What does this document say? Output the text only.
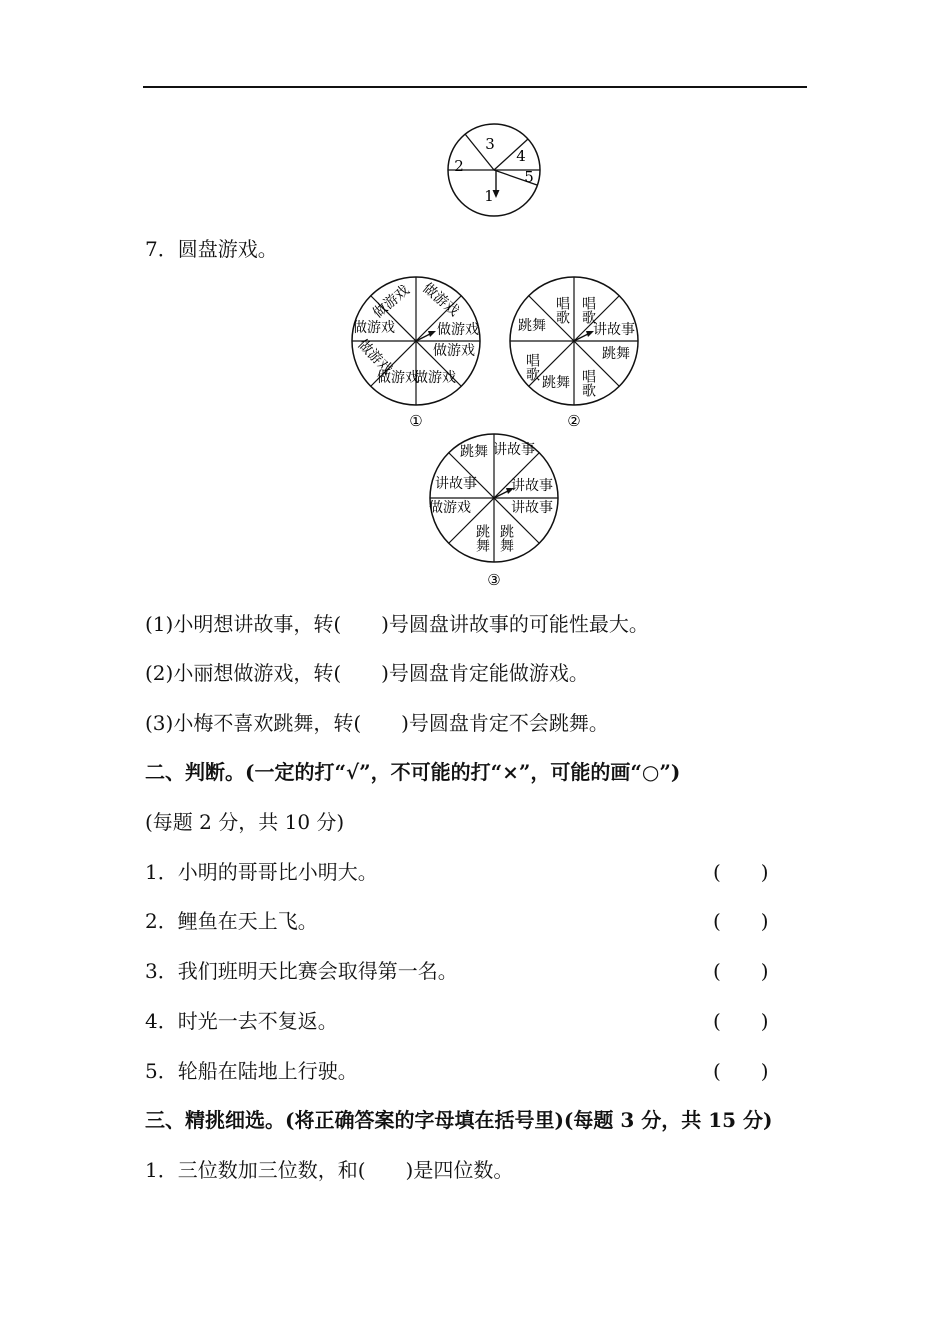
1
2
3
4
5
7．圆盘游戏。
做游戏 做游戏
做游戏
做游戏
做游戏
做游戏
做游戏
做游戏
①
唱歌 唱歌
跳舞	讲故事
唱歌	跳舞
跳舞 唱歌
②
跳舞 讲故事
讲故事 讲故事
做游戏	讲故事
跳舞 跳舞
③
(1)小明想讲故事，转(　　)号圆盘讲故事的可能性最大。
(2)小丽想做游戏，转(　　)号圆盘肯定能做游戏。
(3)小梅不喜欢跳舞，转(　　)号圆盘肯定不会跳舞。
二、判断。(一定的打“√”，不可能的打“×”，可能的画“○”)
(每题 2 分，共 10 分)
1．小明的哥哥比小明大。	(　　)
2．鲤鱼在天上飞。	(　　)
3．我们班明天比赛会取得第一名。	(　　)
4．时光一去不复返。	(　　)
5．轮船在陆地上行驶。	(　　)
三、精挑细选。(将正确答案的字母填在括号里)(每题 3 分，共 15 分)
1．三位数加三位数，和(　　)是四位数。
